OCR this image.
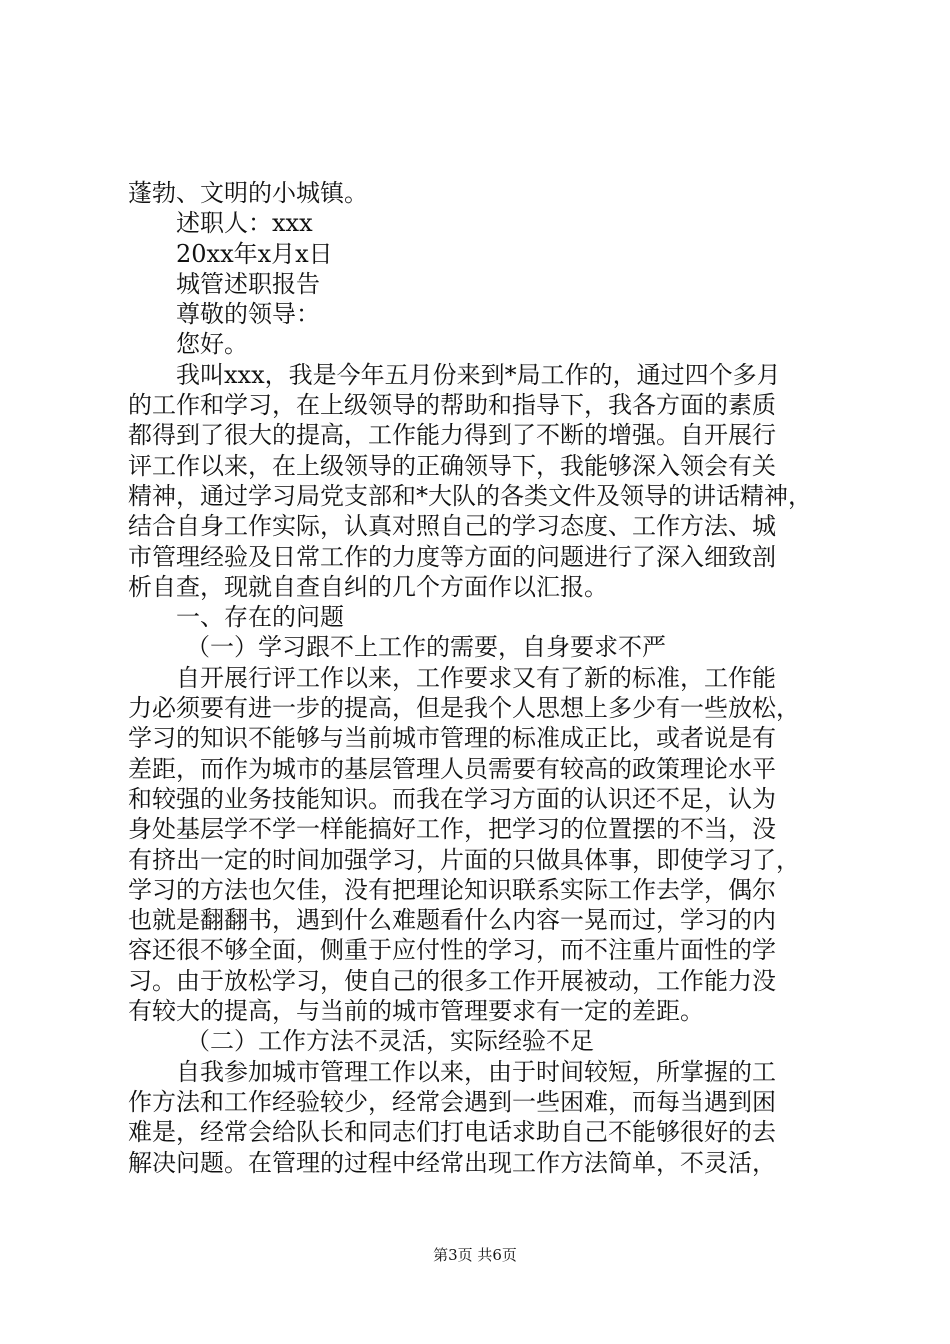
蓬勃、文明的小城镇。
述职人：xxx
20xx年x月x日
城管述职报告
尊敬的领导：
您好。
我叫xxx，我是今年五月份来到*局工作的，通过四个多月
的工作和学习，在上级领导的帮助和指导下，我各方面的素质
都得到了很大的提高，工作能力得到了不断的增强。自开展行
评工作以来，在上级领导的正确领导下，我能够深入领会有关
精神，通过学习局党支部和*大队的各类文件及领导的讲话精神，
结合自身工作实际，认真对照自己的学习态度、工作方法、城
市管理经验及日常工作的力度等方面的问题进行了深入细致剖
析自查，现就自查自纠的几个方面作以汇报。
一、存在的问题
（一）学习跟不上工作的需要，自身要求不严
自开展行评工作以来，工作要求又有了新的标准，工作能
力必须要有进一步的提高，但是我个人思想上多少有一些放松，
学习的知识不能够与当前城市管理的标准成正比，或者说是有
差距，而作为城市的基层管理人员需要有较高的政策理论水平
和较强的业务技能知识。而我在学习方面的认识还不足，认为
身处基层学不学一样能搞好工作，把学习的位置摆的不当，没
有挤出一定的时间加强学习，片面的只做具体事，即使学习了，
学习的方法也欠佳，没有把理论知识联系实际工作去学，偶尔
也就是翻翻书，遇到什么难题看什么内容一晃而过，学习的内
容还很不够全面，侧重于应付性的学习，而不注重片面性的学
习。由于放松学习，使自己的很多工作开展被动，工作能力没
有较大的提高，与当前的城市管理要求有一定的差距。
（二）工作方法不灵活，实际经验不足
自我参加城市管理工作以来，由于时间较短，所掌握的工
作方法和工作经验较少，经常会遇到一些困难，而每当遇到困
难是，经常会给队长和同志们打电话求助自己不能够很好的去
解决问题。在管理的过程中经常出现工作方法简单，不灵活，
第3页 共6页
